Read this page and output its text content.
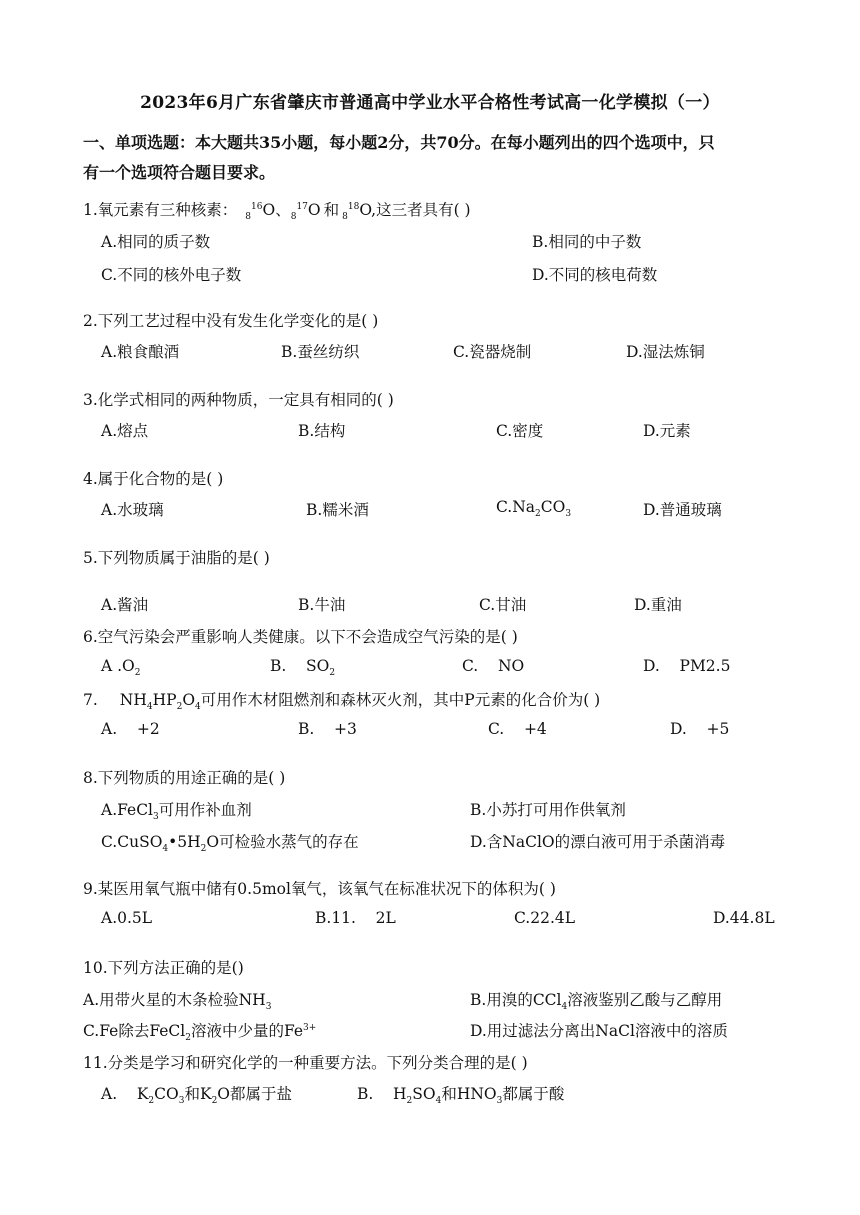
2023年6月广东省肇庆市普通高中学业水平合格性考试高一化学模拟（一）
一、单项选题：本大题共35小题，每小题2分，共70分。在每小题列出的四个选项中，只
有一个选项符合题目要求。
1.氧元素有三种核素： $_8^{16}$O、$_8^{17}$O 和 $_8^{18}$O,这三者具有( )
A.相同的质子数	B.相同的中子数
C.不同的核外电子数	D.不同的核电荷数
2.下列工艺过程中没有发生化学变化的是( )
A.粮食酿酒	B.蚕丝纺织	C.瓷器烧制	D.湿法炼铜
3.化学式相同的两种物质，一定具有相同的( )
A.熔点	B.结构	C.密度	D.元素
4.属于化合物的是( )
A.水玻璃	B.糯米酒	$C.Na_2CO_3$	D.普通玻璃
5.下列物质属于油脂的是( )
A.酱油	B.牛油	C.甘油	D.重油
6.空气污染会严重影响人类健康。以下不会造成空气污染的是( )
A $.O_2$	B.    $SO_2$	C.    NO	D.    PM2.5
7. $NH_4HP_2O_4$可用作木材阻燃剂和森林灭火剂，其中P元素的化合价为( )
A.    +2	B.    +3	C.    +4	D.    +5
8.下列物质的用途正确的是( )
A.FeCl$_3$可用作补血剂	B.小苏打可用作供氧剂
$C.CuSO_4•5H_2O$可检验水蒸气的存在	D.含NaClO的漂白液可用于杀菌消毒
9.某医用氧气瓶中储有0.5mol氧气，该氧气在标准状况下的体积为( )
A.0.5L	B.11.    2L	C.22.4L	D.44.8L
10.下列方法正确的是()
A.用带火星的木条检验$NH_3$	B.用溴的CCl$_4$溶液鉴别乙酸与乙醇用
C.Fe除去FeCl$_2$溶液中少量的$Fe^{3+}$	D.用过滤法分离出NaCl溶液中的溶质
11.分类是学习和研究化学的一种重要方法。下列分类合理的是( )
A.    $K_2CO_3$和$K_2O$都属于盐	B.    $H_2SO_4$和$HNO_3$都属于酸
